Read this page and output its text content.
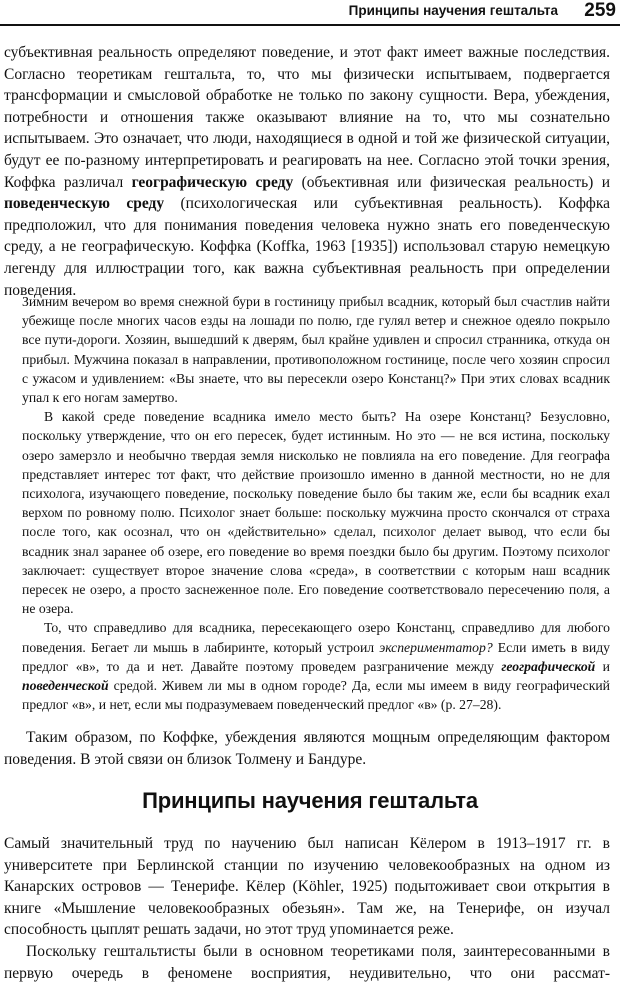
Принципы научения гештальта 259

субъективная реальность определяют поведение, и этот факт имеет важные последствия. Согласно теоретикам гештальта, то, что мы физически испытываем, подвергается трансформации и смысловой обработке не только по закону сущности. Вера, убеждения, потребности и отношения также оказывают влияние на то, что мы сознательно испытываем. Это означает, что люди, находящиеся в одной и той же физической ситуации, будут ее по-разному интерпретировать и реагировать на нее. Согласно этой точки зрения, Коффка различал географическую среду (объективная или физическая реальность) и поведенческую среду (психологическая или субъективная реальность). Коффка предположил, что для понимания поведения человека нужно знать его поведенческую среду, а не географическую. Коффка (Koffka, 1963 [1935]) использовал старую немецкую легенду для иллюстрации того, как важна субъективная реальность при определении поведения.

Зимним вечером во время снежной бури в гостиницу прибыл всадник, который был счастлив найти убежище после многих часов езды на лошади по полю, где гулял ветер и снежное одеяло покрыло все пути-дороги. Хозяин, вышедший к дверям, был крайне удивлен и спросил странника, откуда он прибыл. Мужчина показал в направлении, противоположном гостинице, после чего хозяин спросил с ужасом и удивлением: «Вы знаете, что вы пересекли озеро Констанц?» При этих словах всадник упал к его ногам замертво.

В какой среде поведение всадника имело место быть? На озере Констанц? Безусловно, поскольку утверждение, что он его пересек, будет истинным. Но это — не вся истина, поскольку озеро замерзло и необычно твердая земля нисколько не повлияла на его поведение. Для географа представляет интерес тот факт, что действие произошло именно в данной местности, но не для психолога, изучающего поведение, поскольку поведение было бы таким же, если бы всадник ехал верхом по ровному полю. Психолог знает больше: поскольку мужчина просто скончался от страха после того, как осознал, что он «действительно» сделал, психолог делает вывод, что если бы всадник знал заранее об озере, его поведение во время поездки было бы другим. Поэтому психолог заключает: существует второе значение слова «среда», в соответствии с которым наш всадник пересек не озеро, а просто заснеженное поле. Его поведение соответствовало пересечению поля, а не озера.

То, что справедливо для всадника, пересекающего озеро Констанц, справедливо для любого поведения. Бегает ли мышь в лабиринте, который устроил экспериментатор? Если иметь в виду предлог «в», то да и нет. Давайте поэтому проведем разграничение между географической и поведенческой средой. Живем ли мы в одном городе? Да, если мы имеем в виду географический предлог «в», и нет, если мы подразумеваем поведенческий предлог «в» (р. 27–28).

Таким образом, по Коффке, убеждения являются мощным определяющим фактором поведения. В этой связи он близок Толмену и Бандуре.

Принципы научения гештальта

Самый значительный труд по научению был написан Кёлером в 1913–1917 гг. в университете при Берлинской станции по изучению человекообразных на одном из Канарских островов — Тенерифе. Кёлер (Köhler, 1925) подытоживает свои открытия в книге «Мышление человекообразных обезьян». Там же, на Тенерифе, он изучал способность цыплят решать задачи, но этот труд упоминается реже.

Поскольку гештальтисты были в основном теоретиками поля, заинтересованными в первую очередь в феномене восприятия, неудивительно, что они рассмат-
